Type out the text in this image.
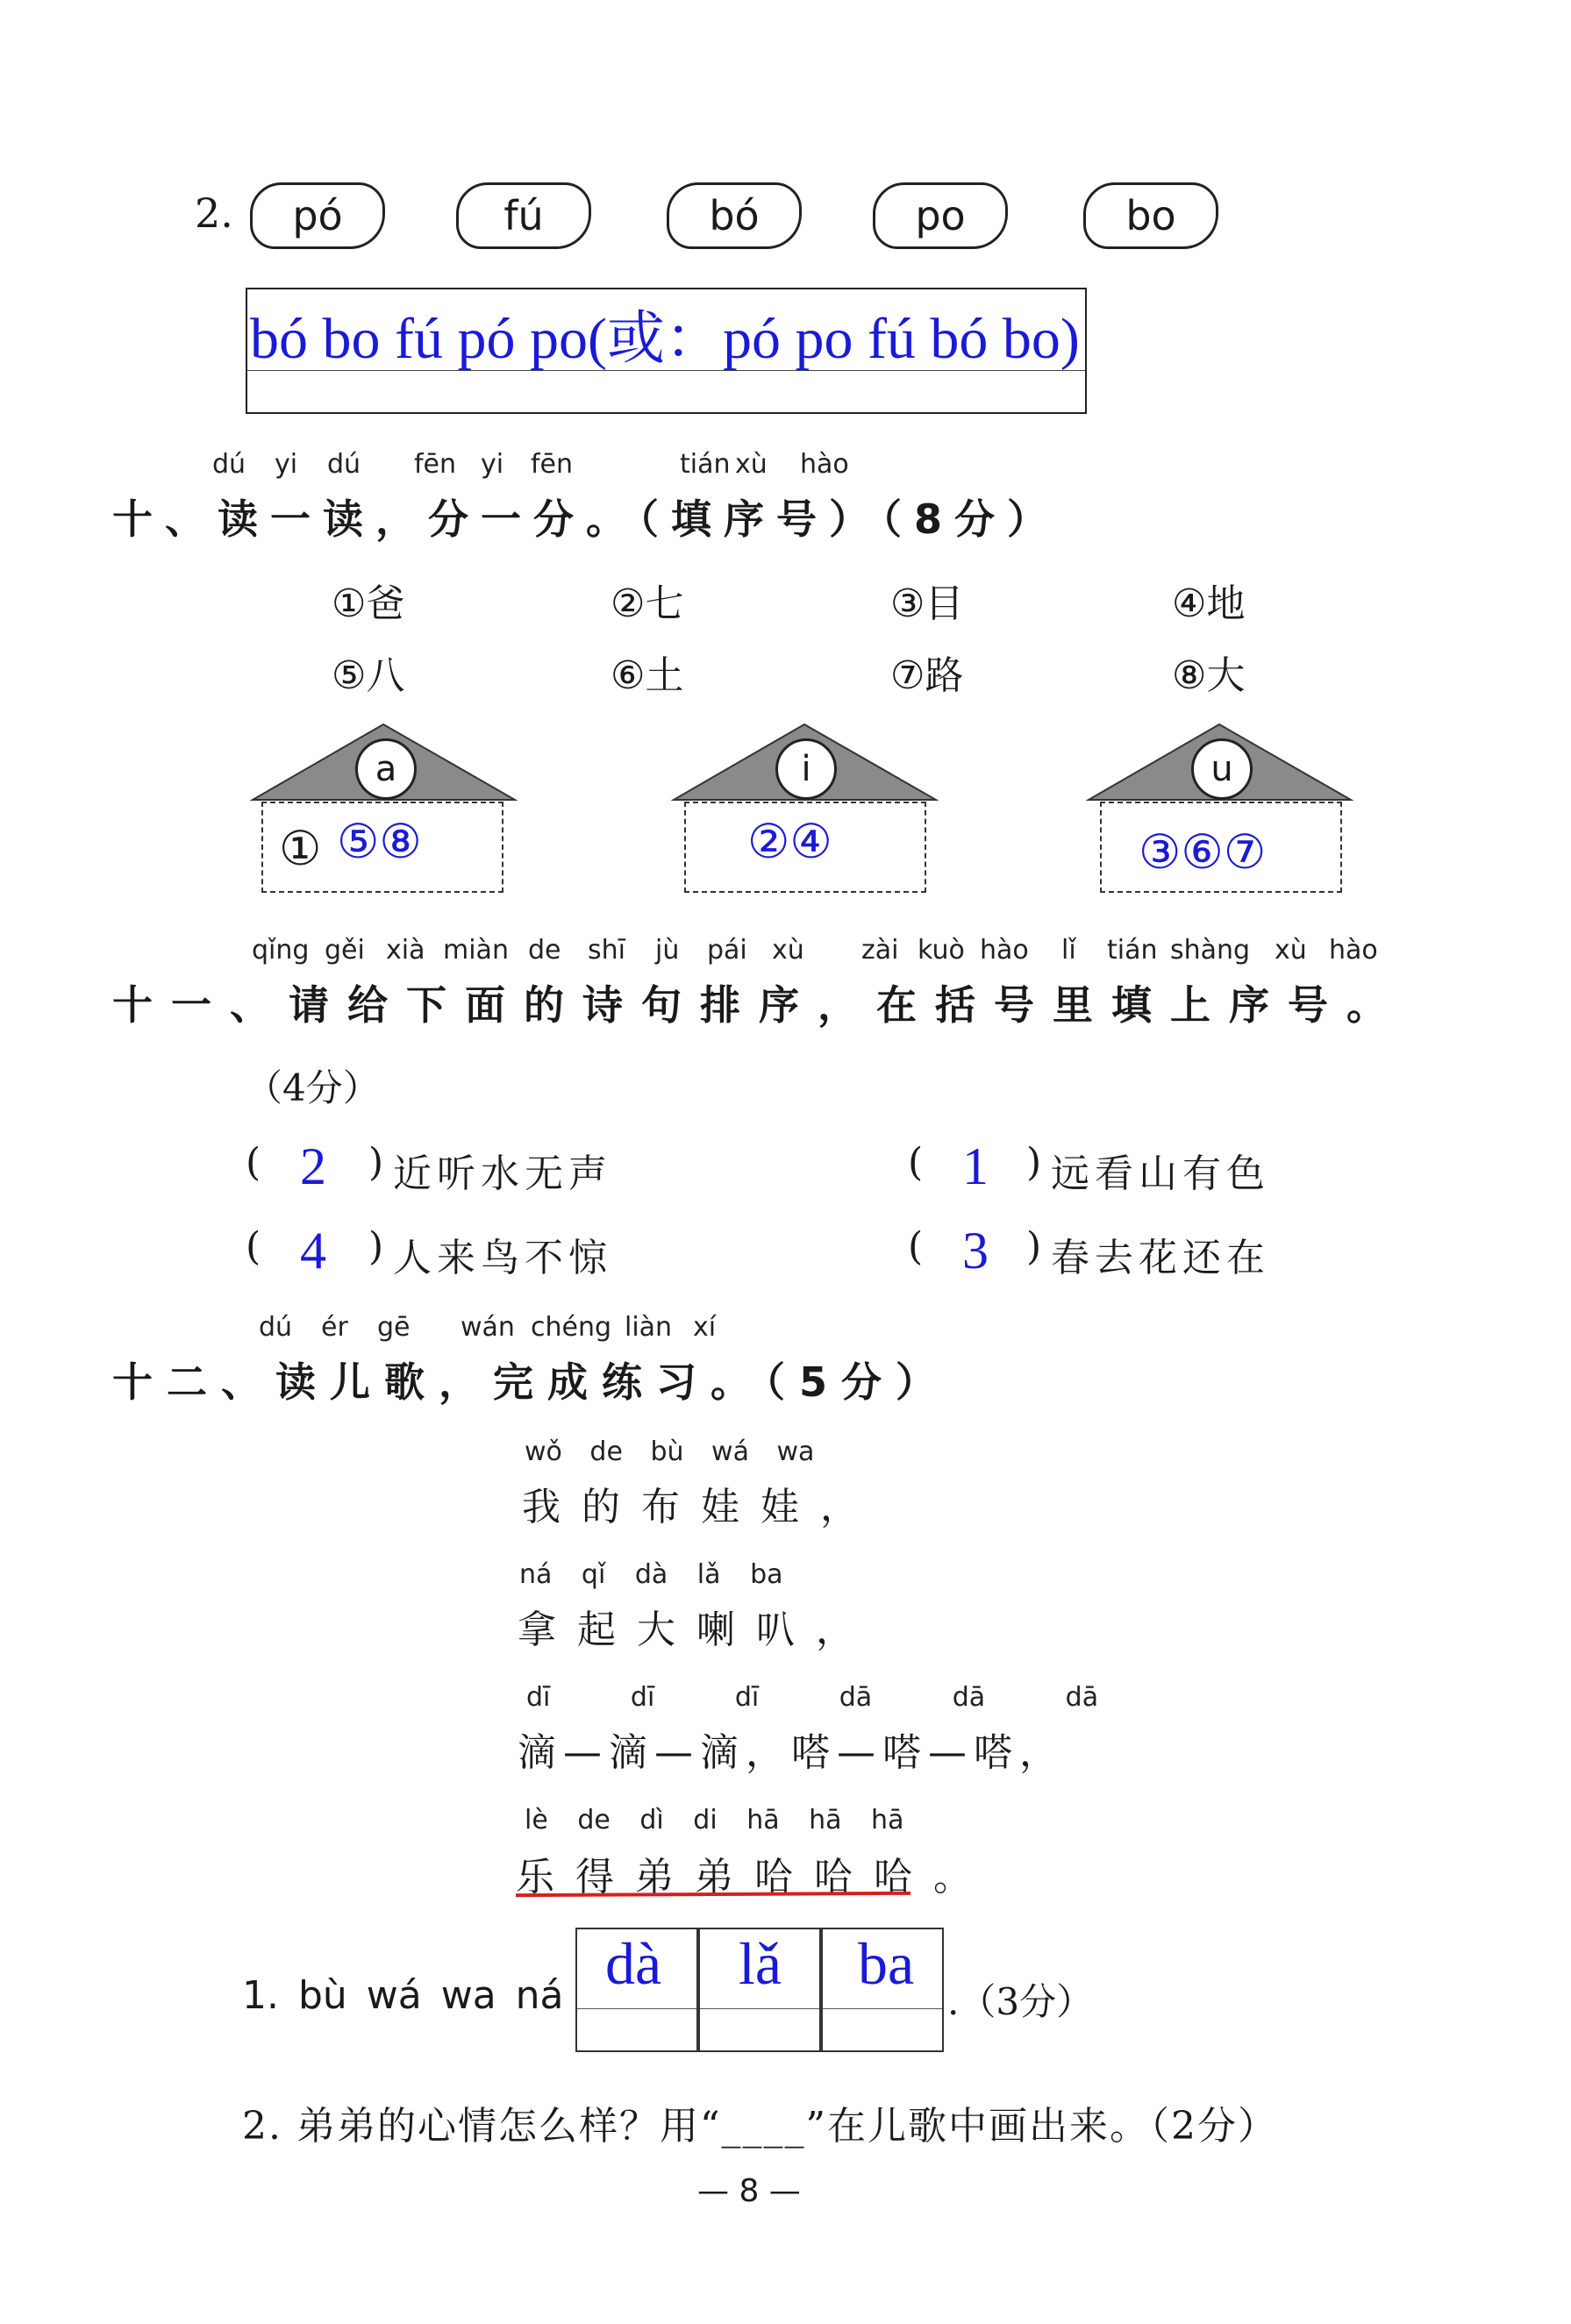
2. pó	fú	bó	po	bo
bó bo fú pó po(或：pó po fú bó bo)
dú yi dú fēn yi fēn	tián xù hào
十、读一读，分一分。（填序号）（8分）
①爸	②七	③目	④地
⑤八	⑥土	⑦路	⑧大
a
① ⑤⑧
i
②④
u
③⑥⑦
qǐng gěi xià miàn de shī jù pái xù zài kuò hào lǐ tián shàng xù hào
十一、请给下面的诗句排序，在括号里填上序号。
（4分）
( 2 ) 近听水无声	( 1 ) 远看山有色
( 4 ) 人来鸟不惊	( 3 ) 春去花还在
dú ér gē wán chéng liàn xí
十二、读儿歌，完成练习。（5分）
wǒ de bù wá wa
我的布娃娃，
ná qǐ dà lǎ ba
拿起大喇叭，
dī dī dī dā dā dā
滴—滴—滴，嗒—嗒—嗒，
lè de dì di hā hā hā
乐得弟弟哈哈哈。
1. bù wá wa ná dà lǎ ba
.（3分）
2. 弟弟的心情怎么样？用“____”在儿歌中画出来。（2分）
— 8 —
